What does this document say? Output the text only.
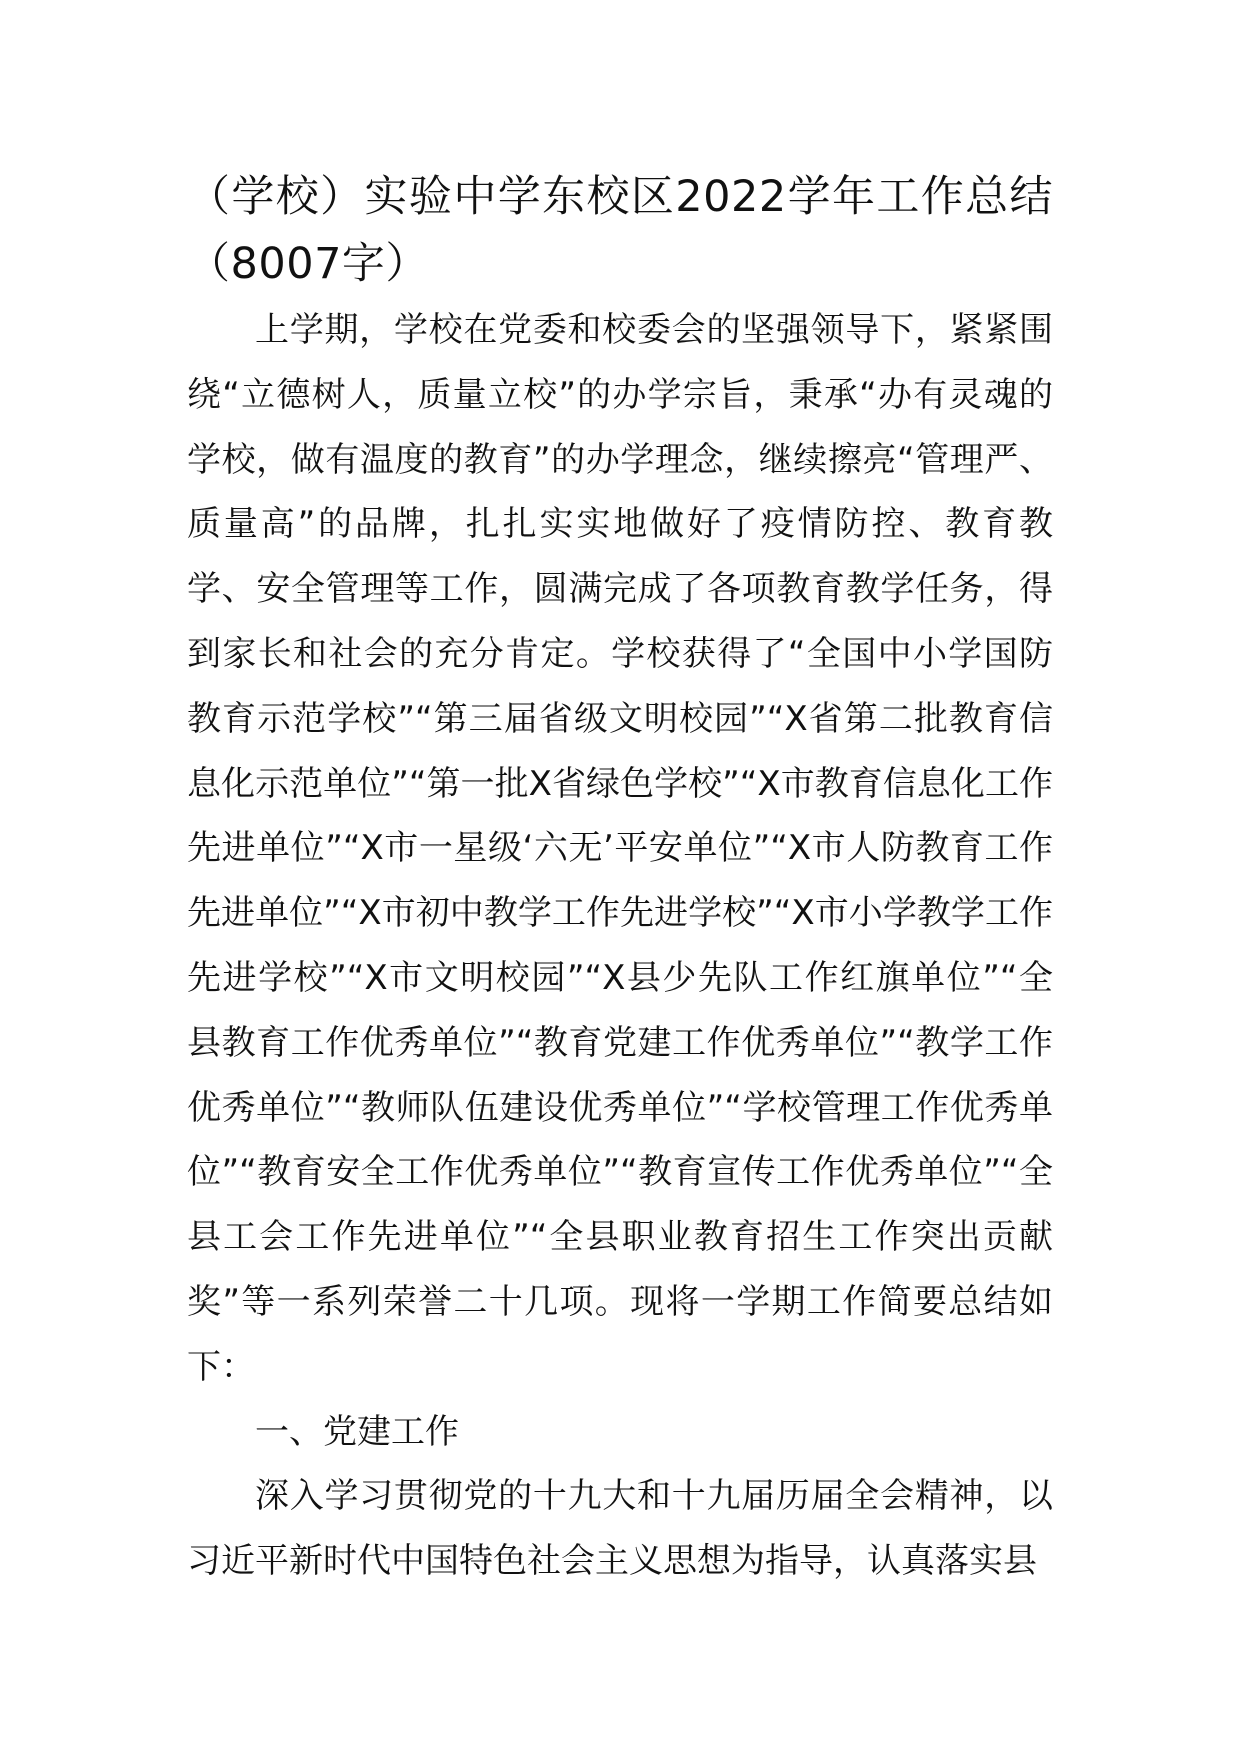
（学校）实验中学东校区2022学年工作总结（8007字）

上学期，学校在党委和校委会的坚强领导下，紧紧围绕“立德树人，质量立校”的办学宗旨，秉承“办有灵魂的学校，做有温度的教育”的办学理念，继续擦亮“管理严、质量高”的品牌，扎扎实实地做好了疫情防控、教育教学、安全管理等工作，圆满完成了各项教育教学任务，得到家长和社会的充分肯定。学校获得了“全国中小学国防教育示范学校”“第三届省级文明校园”“X省第二批教育信息化示范单位”“第一批X省绿色学校”“X市教育信息化工作先进单位”“X市一星级‘六无’平安单位”“X市人防教育工作先进单位”“X市初中教学工作先进学校”“X市小学教学工作先进学校”“X市文明校园”“X县少先队工作红旗单位”“全县教育工作优秀单位”“教育党建工作优秀单位”“教学工作优秀单位”“教师队伍建设优秀单位”“学校管理工作优秀单位”“教育安全工作优秀单位”“教育宣传工作优秀单位”“全县工会工作先进单位”“全县职业教育招生工作突出贡献奖”等一系列荣誉二十几项。现将一学期工作简要总结如下：

一、党建工作

深入学习贯彻党的十九大和十九届历届全会精神，以习近平新时代中国特色社会主义思想为指导，认真落实县
